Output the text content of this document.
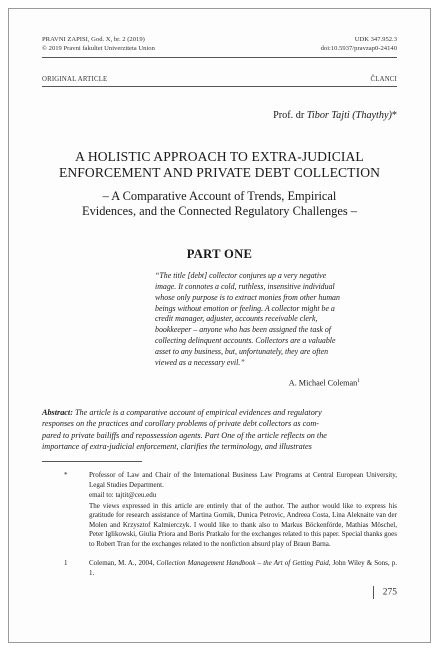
PRAVNI ZAPISI, God. X, br. 2 (2019)
© 2019 Pravni fakultet Univerziteta Union
UDK 347.952.3
doi:10.5937/pravzap0-24140
ORIGINAL ARTICLE	ČLANCI
Prof. dr Tibor Tajti (Thaythy)*
A HOLISTIC APPROACH TO EXTRA-JUDICIAL
ENFORCEMENT AND PRIVATE DEBT COLLECTION
– A Comparative Account of Trends, Empirical
Evidences, and the Connected Regulatory Challenges –
PART ONE
“The title [debt] collector conjures up a very negative
image. It connotes a cold, ruthless, insensitive individual
whose only purpose is to extract monies from other human
beings without emotion or feeling. A collector might be a
credit manager, adjuster, accounts receivable clerk,
bookkeeper – anyone who has been assigned the task of
collecting delinquent accounts. Collectors are a valuable
asset to any business, but, unfortunately, they are often
viewed as a necessary evil.”
A. Michael Coleman$^1$
Abstract: The article is a comparative account of empirical evidences and regulatory
responses on the practices and corollary problems of private debt collectors as com-
pared to private bailiffs and repossession agents. Part One of the article reflects on the
importance of extra-judicial enforcement, clarifies the terminology, and illustrates
*	Professor of Law and Chair of the International Business Law Programs at Central European University, Legal Studies Department.

email to: tajtit@ceu.edu

The views expressed in this article are entirely that of the author. The author would like to express his gratitude for research assistance of Martina Gornik, Dunica Petrovic, Andreea Costa, Lina Aleknaite van der Molen and Krzysztof Kalmierczyk. I would like to thank also to Markus Böckenförde, Mathias Möschel, Peter Iglikowski, Giulia Priora and Boris Pratkalo for the exchanges related to this paper. Special thanks goes to Robert Tran for the exchanges related to the nonfiction absurd play of Braun Barna.

1	Coleman, M. A., 2004, Collection Management Handbook – the Art of Getting Paid, John Wiley & Sons, p. 1.
275
